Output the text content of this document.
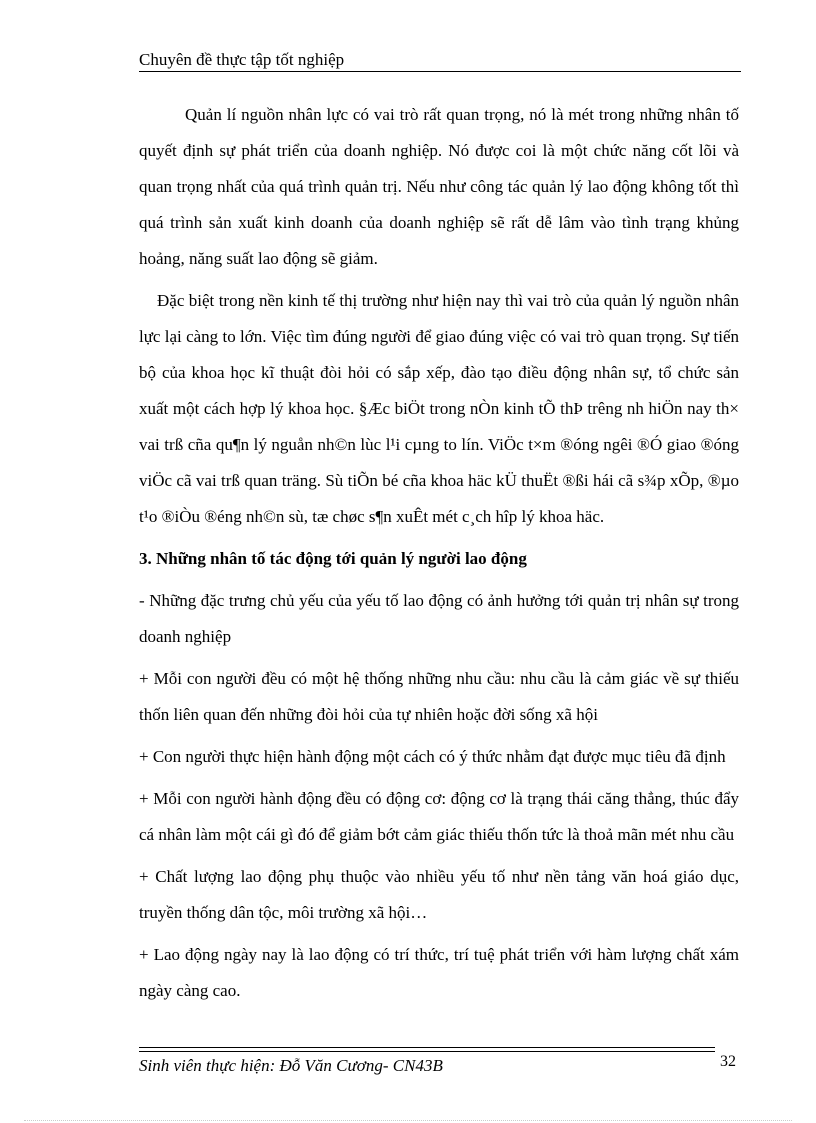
Chuyên đề thực tập tốt nghiệp

Quản lí nguồn nhân lực có vai trò rất quan trọng, nó là mét trong những nhân tố quyết định sự phát triển của doanh nghiệp. Nó được coi là một chức năng cốt lõi và quan trọng nhất của quá trình quản trị. Nếu như công tác quản lý lao động không tốt thì quá trình sản xuất kinh doanh của doanh nghiệp sẽ rất dễ lâm vào tình trạng khủng hoảng, năng suất lao động sẽ giảm.

Đặc biệt trong nền kinh tế thị trường như hiện nay thì vai trò của quản lý nguồn nhân lực lại càng to lớn. Việc tìm đúng người để giao đúng việc có vai trò quan trọng. Sự tiến bộ của khoa học kĩ thuật đòi hỏi có sắp xếp, đào tạo điều động nhân sự, tổ chức sản xuất một cách hợp lý khoa học. §Æc biÖt trong nÒn kinh tÕ thÞ trêng nh hiÖn nay th× vai trß cña qu¶n lý nguån nh©n lùc l¹i cµng to lín. ViÖc t×m ®óng ngêi ®Ó giao ®óng viÖc cã vai trß quan träng. Sù tiÕn bé cña khoa häc kÜ thuËt ®ßi hái cã s¾p xÕp, ®µo t¹o ®iÒu ®éng nh©n sù, tæ chøc s¶n xuÊt mét c¸ch hîp lý khoa häc.

3. Những nhân tố tác động tới quản lý người lao động

- Những đặc trưng chủ yếu của yếu tố lao động có ảnh hưởng tới quản trị nhân sự trong doanh nghiệp

+ Mỗi con người đều có một hệ thống những nhu cầu: nhu cầu là cảm giác về sự thiếu thốn liên quan đến những đòi hỏi của tự nhiên hoặc đời sống xã hội

+ Con người thực hiện hành động một cách có ý thức nhằm đạt được mục tiêu đã định

+ Mỗi con người hành động đều có động cơ: động cơ là trạng thái căng thẳng, thúc đẩy cá nhân làm một cái gì đó để giảm bớt cảm giác thiếu thốn tức là thoả mãn mét nhu cầu

+ Chất lượng lao động phụ thuộc vào nhiều yếu tố như nền tảng văn hoá giáo dục, truyền thống dân tộc, môi trường xã hội…

+ Lao động ngày nay là lao động có trí thức, trí tuệ phát triển với hàm lượng chất xám ngày càng cao.

Sinh viên thực hiện: Đỗ Văn Cương- CN43B	32
